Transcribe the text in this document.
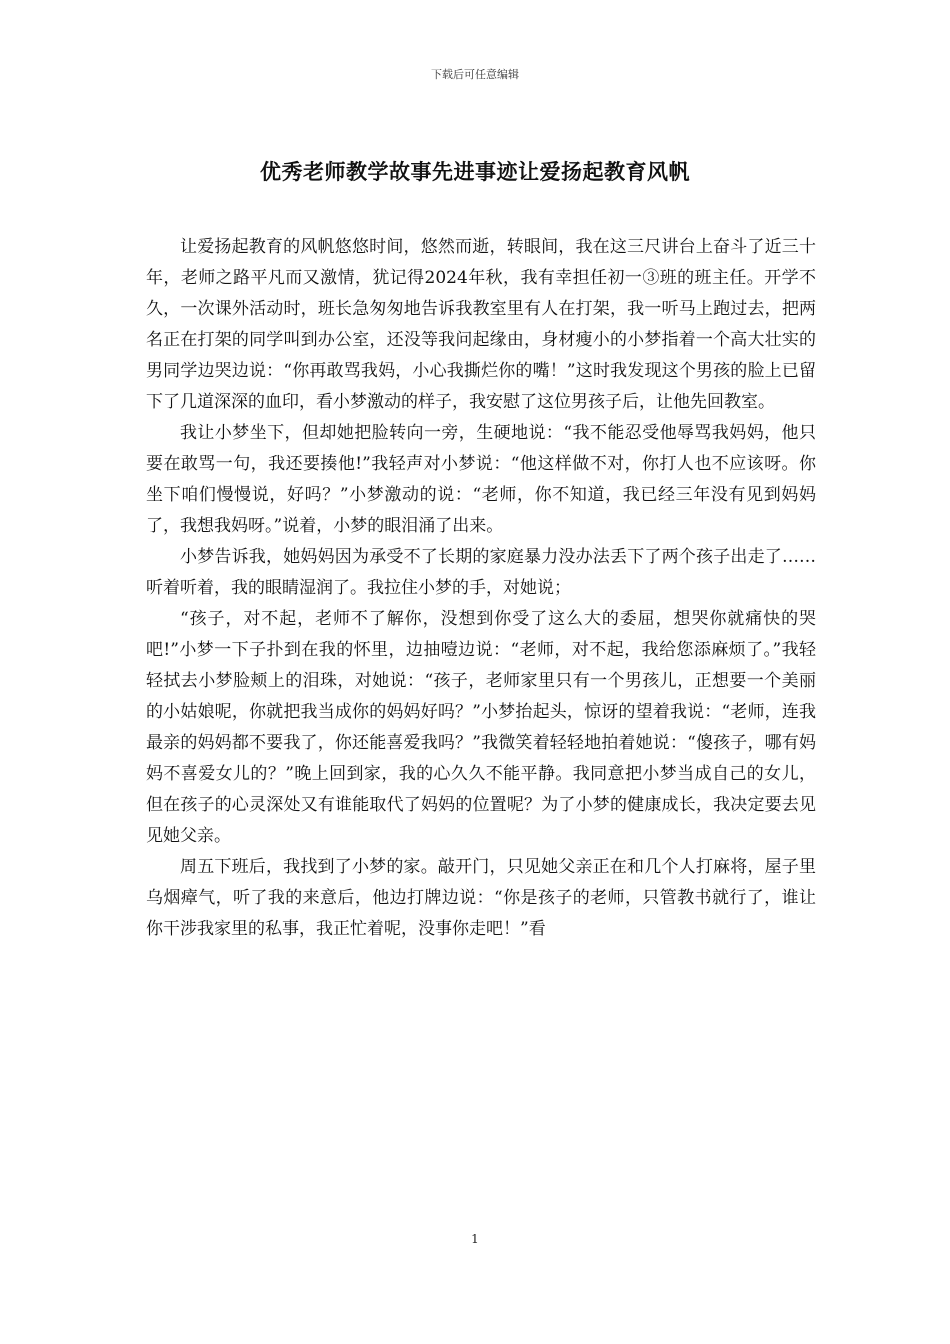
下载后可任意编辑
优秀老师教学故事先进事迹让爱扬起教育风帆

让爱扬起教育的风帆悠悠时间，悠然而逝，转眼间，我在这三尺讲台上奋斗了近三十年，老师之路平凡而又激情，犹记得2024年秋，我有幸担任初一③班的班主任。开学不久，一次课外活动时，班长急匆匆地告诉我教室里有人在打架，我一听马上跑过去，把两名正在打架的同学叫到办公室，还没等我问起缘由，身材瘦小的小梦指着一个高大壮实的男同学边哭边说：“你再敢骂我妈，小心我撕烂你的嘴！”这时我发现这个男孩的脸上已留下了几道深深的血印，看小梦激动的样子，我安慰了这位男孩子后，让他先回教室。

我让小梦坐下，但却她把脸转向一旁，生硬地说：“我不能忍受他辱骂我妈妈，他只要在敢骂一句，我还要揍他!”我轻声对小梦说：“他这样做不对，你打人也不应该呀。你坐下咱们慢慢说，好吗？”小梦激动的说：“老师，你不知道，我已经三年没有见到妈妈了，我想我妈呀。”说着，小梦的眼泪涌了出来。

小梦告诉我，她妈妈因为承受不了长期的家庭暴力没办法丢下了两个孩子出走了……听着听着，我的眼睛湿润了。我拉住小梦的手，对她说；

“孩子，对不起，老师不了解你，没想到你受了这么大的委屈，想哭你就痛快的哭吧!”小梦一下子扑到在我的怀里，边抽噎边说：“老师，对不起，我给您添麻烦了。”我轻轻拭去小梦脸颊上的泪珠，对她说：“孩子，老师家里只有一个男孩儿，正想要一个美丽的小姑娘呢，你就把我当成你的妈妈好吗？”小梦抬起头，惊讶的望着我说：“老师，连我最亲的妈妈都不要我了，你还能喜爱我吗？”我微笑着轻轻地拍着她说：“傻孩子，哪有妈妈不喜爱女儿的？”晚上回到家，我的心久久不能平静。我同意把小梦当成自己的女儿，但在孩子的心灵深处又有谁能取代了妈妈的位置呢？为了小梦的健康成长，我决定要去见见她父亲。

周五下班后，我找到了小梦的家。敲开门，只见她父亲正在和几个人打麻将，屋子里乌烟瘴气，听了我的来意后，他边打牌边说：“你是孩子的老师，只管教书就行了，谁让你干涉我家里的私事，我正忙着呢，没事你走吧！”看

1
